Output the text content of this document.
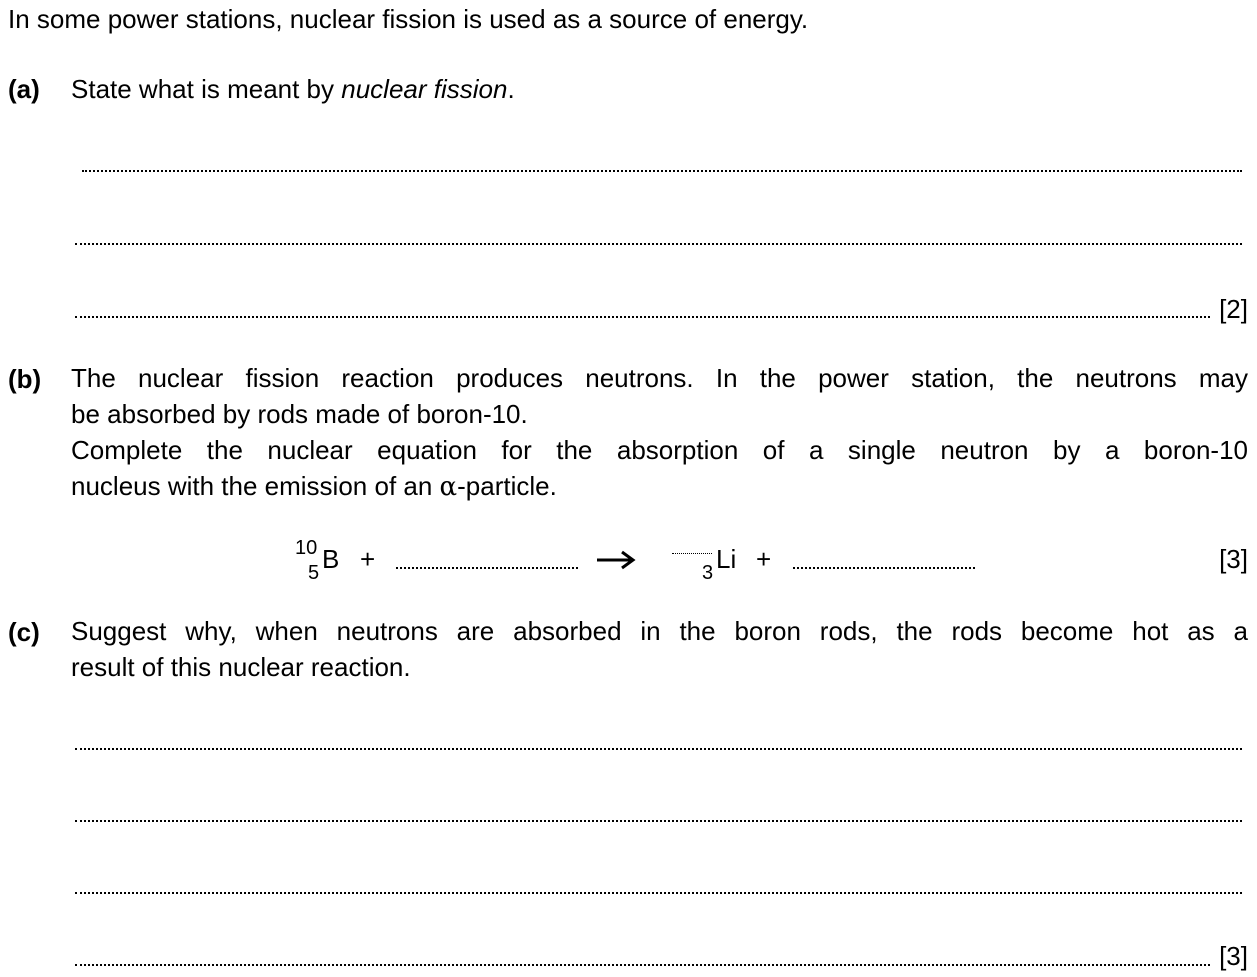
In some power stations, nuclear fission is used as a source of energy.
(a) State what is meant by nuclear fission.
[2]
(b) The nuclear fission reaction produces neutrons. In the power station, the neutrons may
be absorbed by rods made of boron-10.
Complete the nuclear equation for the absorption of a single neutron by a boron-10
nucleus with the emission of an α-particle.
10
5 B +	3 Li +	[3]
(c) Suggest why, when neutrons are absorbed in the boron rods, the rods become hot as a
result of this nuclear reaction.
[3]
